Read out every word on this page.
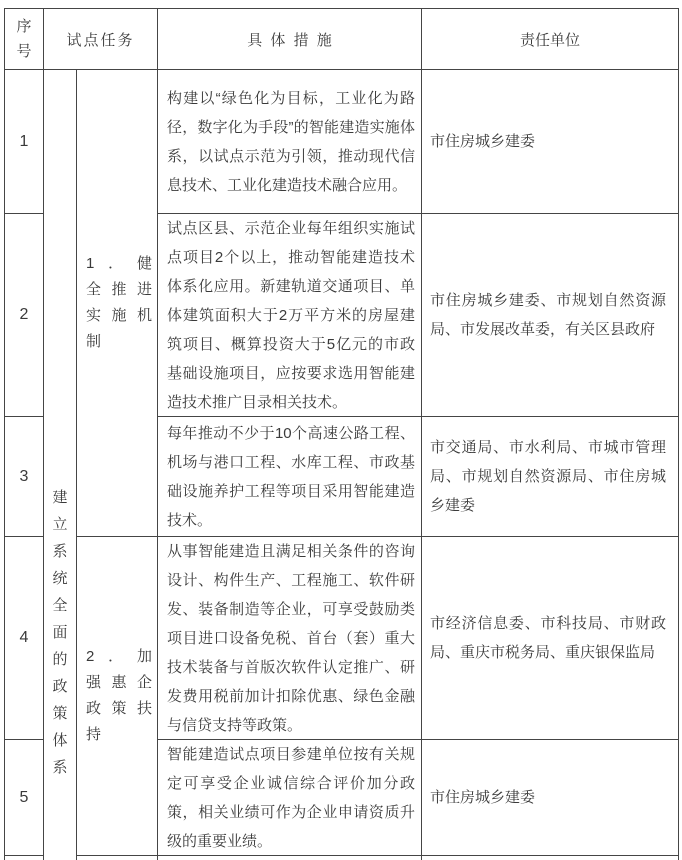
序号
试点任务	具 体 措 施	责任单位
1
2
3
4
5
建
立
系
统
全
面
的
政
策
体
系
1 ． 健
全 推 进
实 施 机
制
2 ． 加
强 惠 企
政 策 扶
持
构建以“绿色化为目标，工业化为路径，数字化为手段”的智能建造实施体系，以试点示范为引领，推动现代信息技术、工业化建造技术融合应用。
试点区县、示范企业每年组织实施试点项目2个以上，推动智能建造技术体系化应用。新建轨道交通项目、单体建筑面积大于2万平方米的房屋建筑项目、概算投资大于5亿元的市政基础设施项目，应按要求选用智能建造技术推广目录相关技术。
每年推动不少于10个高速公路工程、机场与港口工程、水库工程、市政基础设施养护工程等项目采用智能建造技术。
从事智能建造且满足相关条件的咨询设计、构件生产、工程施工、软件研发、装备制造等企业，可享受鼓励类项目进口设备免税、首台（套）重大技术装备与首版次软件认定推广、研发费用税前加计扣除优惠、绿色金融与信贷支持等政策。
智能建造试点项目参建单位按有关规定可享受企业诚信综合评价加分政策，相关业绩可作为企业申请资质升级的重要业绩。
市住房城乡建委
市住房城乡建委、市规划自然资源局、市发展改革委，有关区县政府
市交通局、市水利局、市城市管理局、市规划自然资源局、市住房城乡建委
市经济信息委、市科技局、市财政局、重庆市税务局、重庆银保监局
市住房城乡建委
